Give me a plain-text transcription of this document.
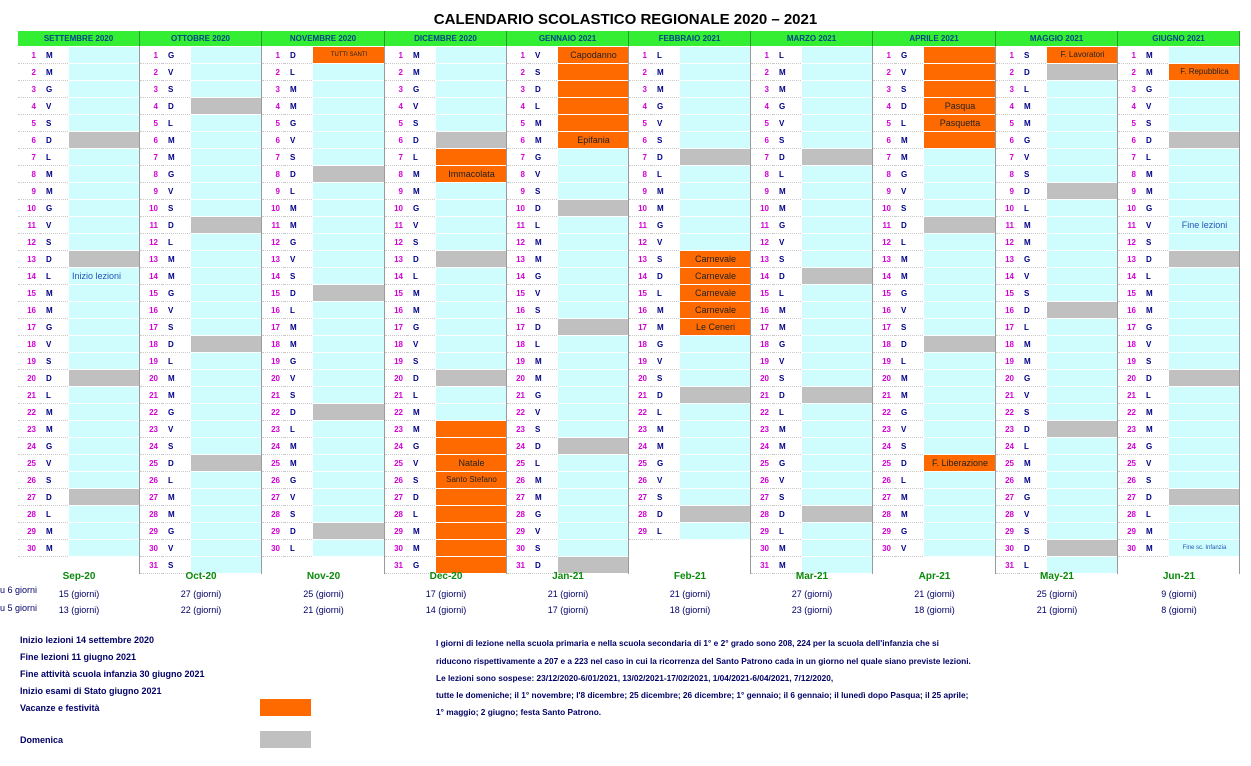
CALENDARIO SCOLASTICO REGIONALE 2020 – 2021
SETTEMBRE 2020
1	M
2	M
3	G
4	V
5	S
6	D
7	L
8	M
9	M
10	G
11	V
12	S
13	D
14	L	Inizio lezioni
15	M
16	M
17	G
18	V
19	S
20	D
21	L
22	M
23	M
24	G
25	V
26	S
27	D
28	L
29	M
30	M
OTTOBRE 2020
1	G
2	V
3	S
4	D
5	L
6	M
7	M
8	G
9	V
10	S
11	D
12	L
13	M
14	M
15	G
16	V
17	S
18	D
19	L
20	M
21	M
22	G
23	V
24	S
25	D
26	L
27	M
28	M
29	G
30	V
31	S
NOVEMBRE 2020
1	D	TUTTI SANTI
2	L
3	M
4	M
5	G
6	V
7	S
8	D
9	L
10	M
11	M
12	G
13	V
14	S
15	D
16	L
17	M
18	M
19	G
20	V
21	S
22	D
23	L
24	M
25	M
26	G
27	V
28	S
29	D
30	L
DICEMBRE 2020
1	M
2	M
3	G
4	V
5	S
6	D
7	L
8	M	Immacolata
9	M
10	G
11	V
12	S
13	D
14	L
15	M
16	M
17	G
18	V
19	S
20	D
21	L
22	M
23	M
24	G
25	V	Natale
26	S	Santo Stefano
27	D
28	L
29	M
30	M
31	G
GENNAIO 2021
1	V	Capodanno
2	S
3	D
4	L
5	M
6	M	Epifania
7	G
8	V
9	S
10	D
11	L
12	M
13	M
14	G
15	V
16	S
17	D
18	L
19	M
20	M
21	G
22	V
23	S
24	D
25	L
26	M
27	M
28	G
29	V
30	S
31	D
FEBBRAIO 2021
1	L
2	M
3	M
4	G
5	V
6	S
7	D
8	L
9	M
10	M
11	G
12	V
13	S	Carnevale
14	D	Carnevale
15	L	Carnevale
16	M	Carnevale
17	M	Le Ceneri
18	G
19	V
20	S
21	D
22	L
23	M
24	M
25	G
26	V
27	S
28	D
29	L
MARZO 2021
1	L
2	M
3	M
4	G
5	V
6	S
7	D
8	L
9	M
10	M
11	G
12	V
13	S
14	D
15	L
16	M
17	M
18	G
19	V
20	S
21	D
22	L
23	M
24	M
25	G
26	V
27	S
28	D
29	L
30	M
31	M
APRILE 2021
1	G
2	V
3	S
4	D	Pasqua
5	L	Pasquetta
6	M
7	M
8	G
9	V
10	S
11	D
12	L
13	M
14	M
15	G
16	V
17	S
18	D
19	L
20	M
21	M
22	G
23	V
24	S
25	D	F. Liberazione
26	L
27	M
28	M
29	G
30	V
MAGGIO 2021
1	S	F. Lavoratori
2	D
3	L
4	M
5	M
6	G
7	V
8	S
9	D
10	L
11	M
12	M
13	G
14	V
15	S
16	D
17	L
18	M
19	M
20	G
21	V
22	S
23	D
24	L
25	M
26	M
27	G
28	V
29	S
30	D
31	L
GIUGNO 2021
1	M
2	M	F. Repubblica
3	G
4	V
5	S
6	D
7	L
8	M
9	M
10	G
11	V	Fine lezioni
12	S
13	D
14	L
15	M
16	M
17	G
18	V
19	S
20	D
21	L
22	M
23	M
24	G
25	V
26	S
27	D
28	L
29	M
30	M	Fine sc. Infanzia
Sep-20
15 (giorni)
13 (giorni)
Oct-20
27 (giorni)
22 (giorni)
Nov-20
25 (giorni)
21 (giorni)
Dec-20
17 (giorni)
14 (giorni)
Jan-21
21 (giorni)
17 (giorni)
Feb-21
21 (giorni)
18 (giorni)
Mar-21
27 (giorni)
23 (giorni)
Apr-21
21 (giorni)
18 (giorni)
May-21
25 (giorni)
21 (giorni)
Jun-21
9 (giorni)
8 (giorni)
u 6 giorni
u 5 giorni
Inizio lezioni 14 settembre 2020
Fine lezioni 11 giugno 2021
Fine attività scuola infanzia 30 giugno 2021
Inizio esami di Stato giugno 2021
Vacanze e festività
Domenica
I giorni di lezione nella scuola primaria e nella scuola secondaria di 1° e 2° grado sono 208, 224 per la scuola dell'infanzia che si
riducono rispettivamente a 207 e a 223 nel caso in cui la ricorrenza del Santo Patrono cada in un giorno nel quale siano previste lezioni.
Le lezioni sono sospese: 23/12/2020-6/01/2021, 13/02/2021-17/02/2021, 1/04/2021-6/04/2021, 7/12/2020,
tutte le domeniche; il 1° novembre; l'8 dicembre; 25 dicembre; 26 dicembre; 1° gennaio; il 6 gennaio; il lunedì dopo Pasqua; il 25 aprile;
1° maggio; 2 giugno; festa Santo Patrono.
